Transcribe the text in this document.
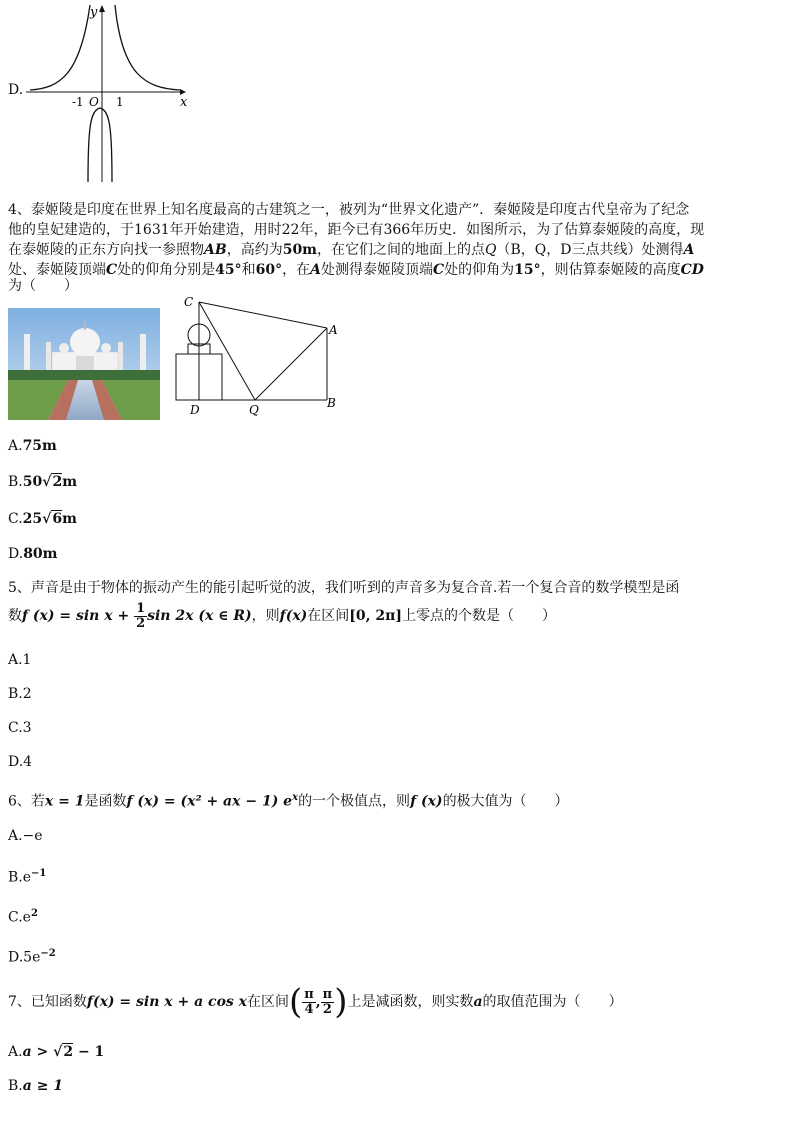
D.
y
x
-1 O 1
4、泰姬陵是印度在世界上知名度最高的古建筑之一，被列为“世界文化遗产”．秦姬陵是印度古代皇帝为了纪念
他的皇妃建造的，于1631年开始建造，用时22年，距今已有366年历史．如图所示，为了估算泰姬陵的高度，现
在泰姬陵的正东方向找一参照物AB，高约为50m，在它们之间的地面上的点Q（B，Q，D三点共线）处测得A
处、泰姬陵顶端C处的仰角分别是45°和60°，在A处测得泰姬陵顶端C处的仰角为15°，则估算泰姬陵的高度CD
为（　　）
C
A
D	Q	B
A.75m
B.50√2m
C.25√6m
D.80m
5、声音是由于物体的振动产生的能引起听觉的波，我们听到的声音多为复合音.若一个复合音的数学模型是函
数f $(x) = \sin x + \frac{1}{2}$ sin 2x (x ∈ R)，则f(x)在区间[0, 2π]上零点的个数是（　　）
A.1
B.2
C.3
D.4
6、若x = 1是函数f (x) = (x² + ax − 1) $e^x$的一个极值点，则f (x)的极大值为（　　）
A.−e
$B.e^{-1}$
$C.e^2$
$D.5e^{-2}$
7、已知函数f(x) = sin x + a cos x在区间( $\frac{\pi}{4}$ , $\frac{\pi}{2}$ )上是减函数，则实数a的取值范围为（　　）
A.a > √2 − 1
B.a ≥ 1
